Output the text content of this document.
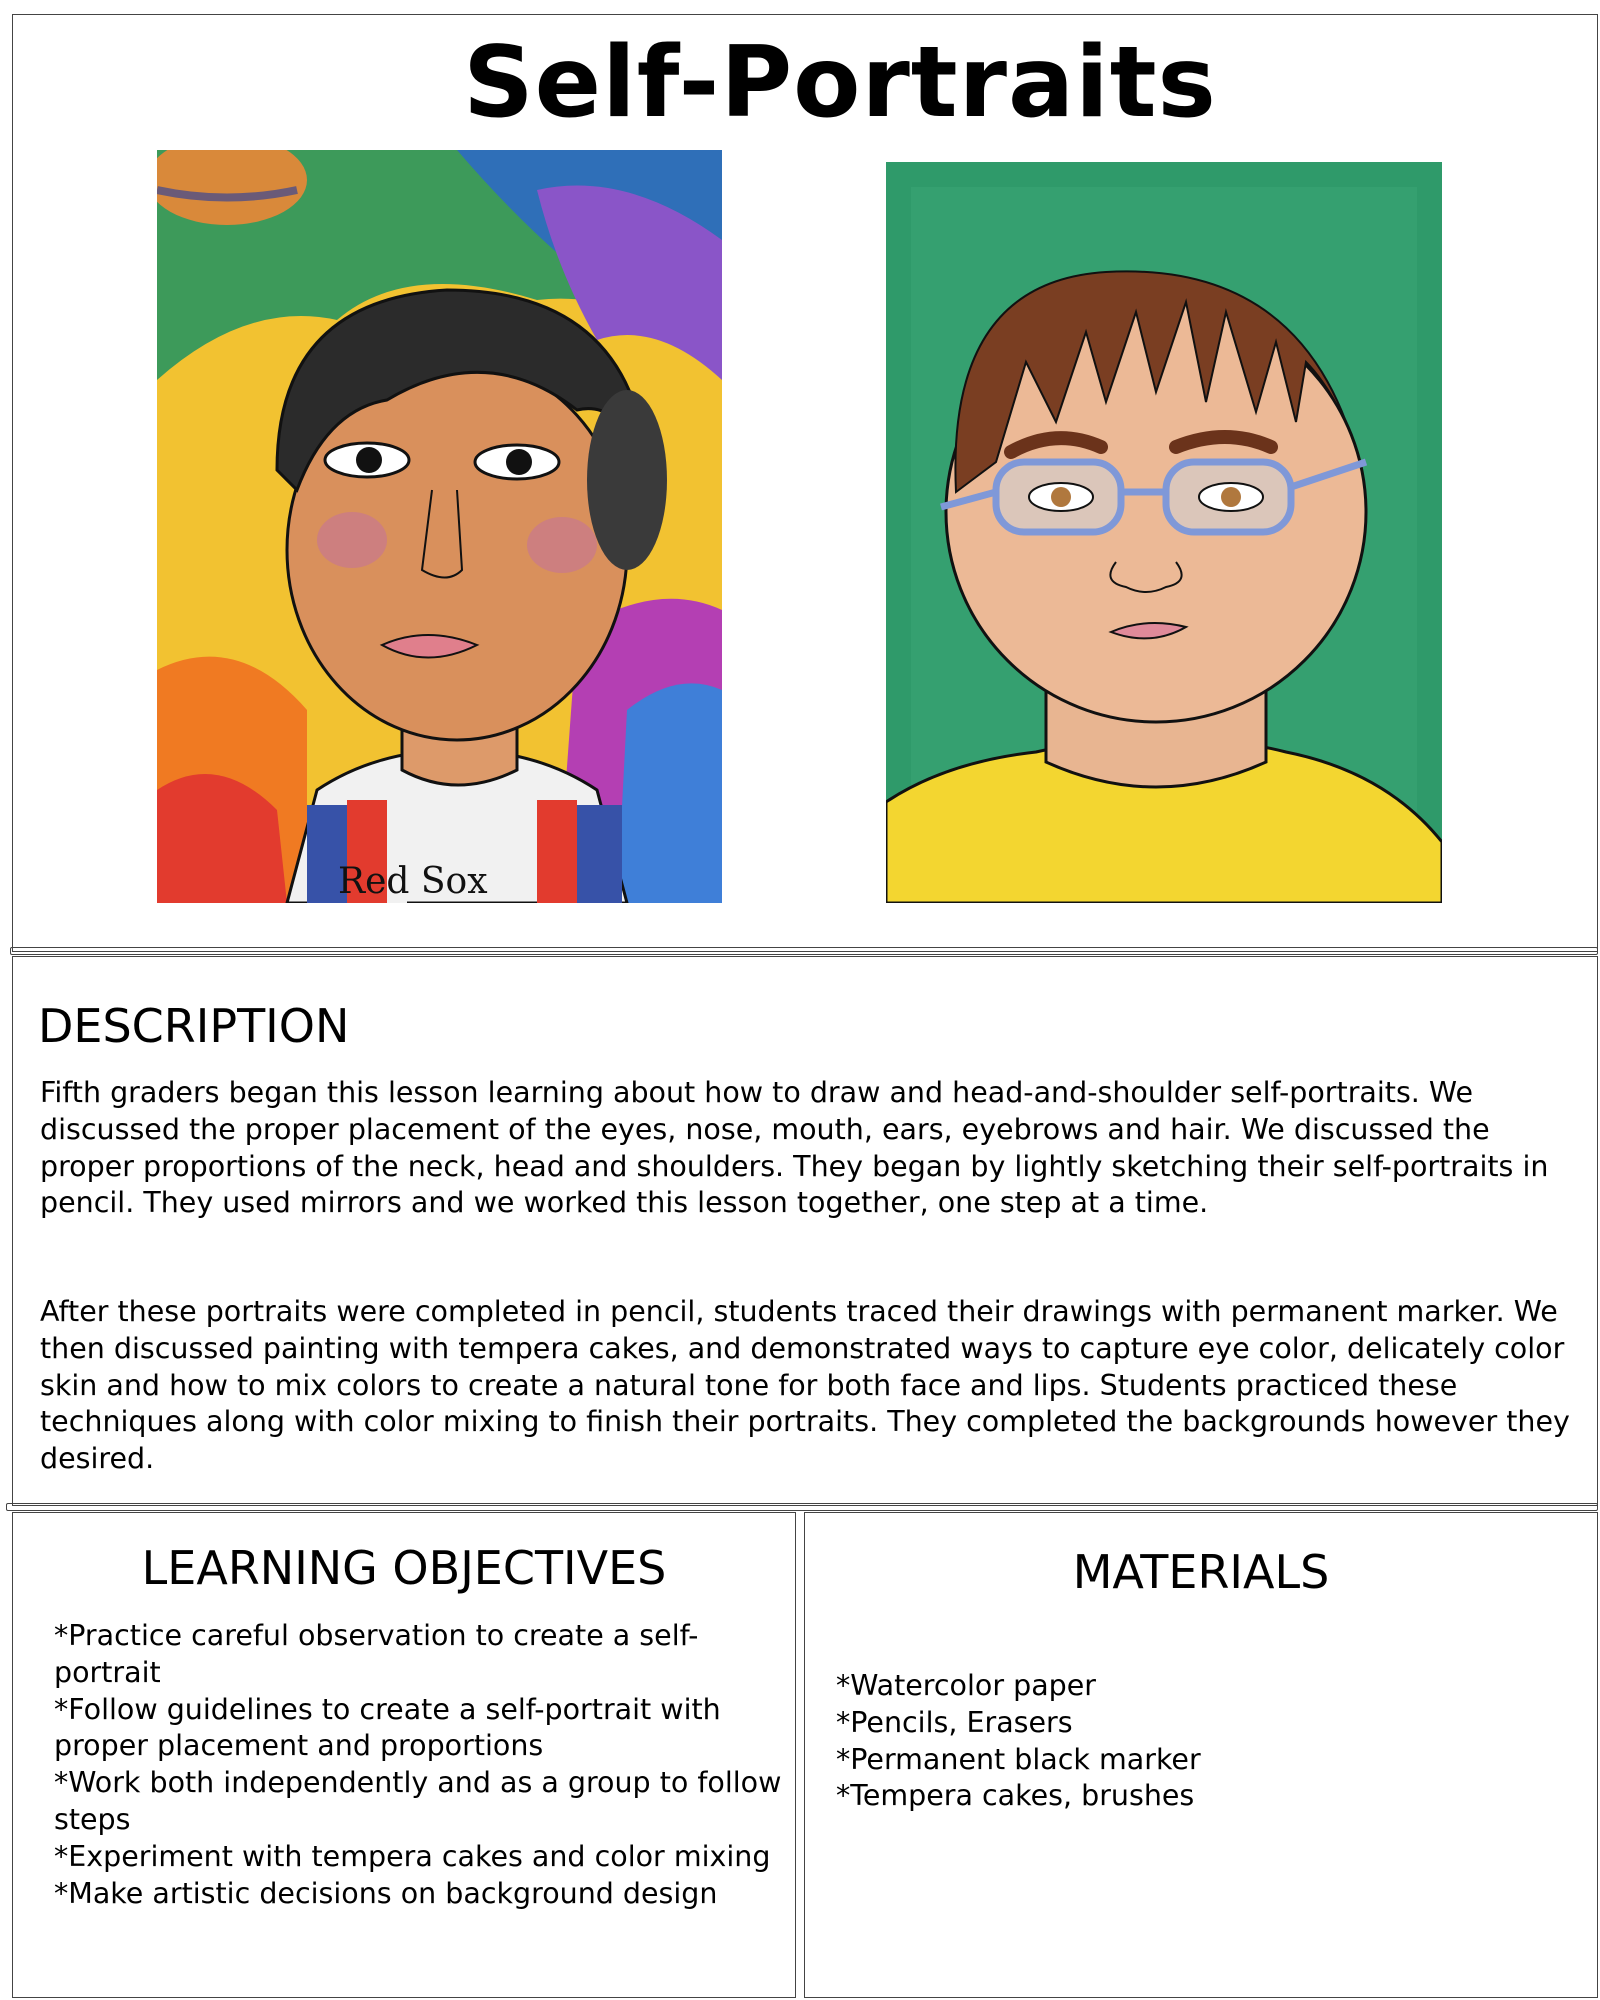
Self-Portraits
Red Sox
DESCRIPTION

Fifth graders began this lesson learning about how to draw and head-and-shoulder self-portraits. We discussed the proper placement of the eyes, nose, mouth, ears, eyebrows and hair. We discussed the proper proportions of the neck, head and shoulders. They began by lightly sketching their self-portraits in pencil. They used mirrors and we worked this lesson together, one step at a time.

After these portraits were completed in pencil, students traced their drawings with permanent marker. We then discussed painting with tempera cakes, and demonstrated ways to capture eye color, delicately color skin and how to mix colors to create a natural tone for both face and lips. Students practiced these techniques along with color mixing to finish their portraits. They completed the backgrounds however they desired.

LEARNING OBJECTIVES
*Practice careful observation to create a self-portrait
*Follow guidelines to create a self-portrait with proper placement and proportions
*Work both independently and as a group to follow steps
*Experiment with tempera cakes and color mixing
*Make artistic decisions on background design
MATERIALS
*Watercolor paper
*Pencils, Erasers
*Permanent black marker
*Tempera cakes, brushes
